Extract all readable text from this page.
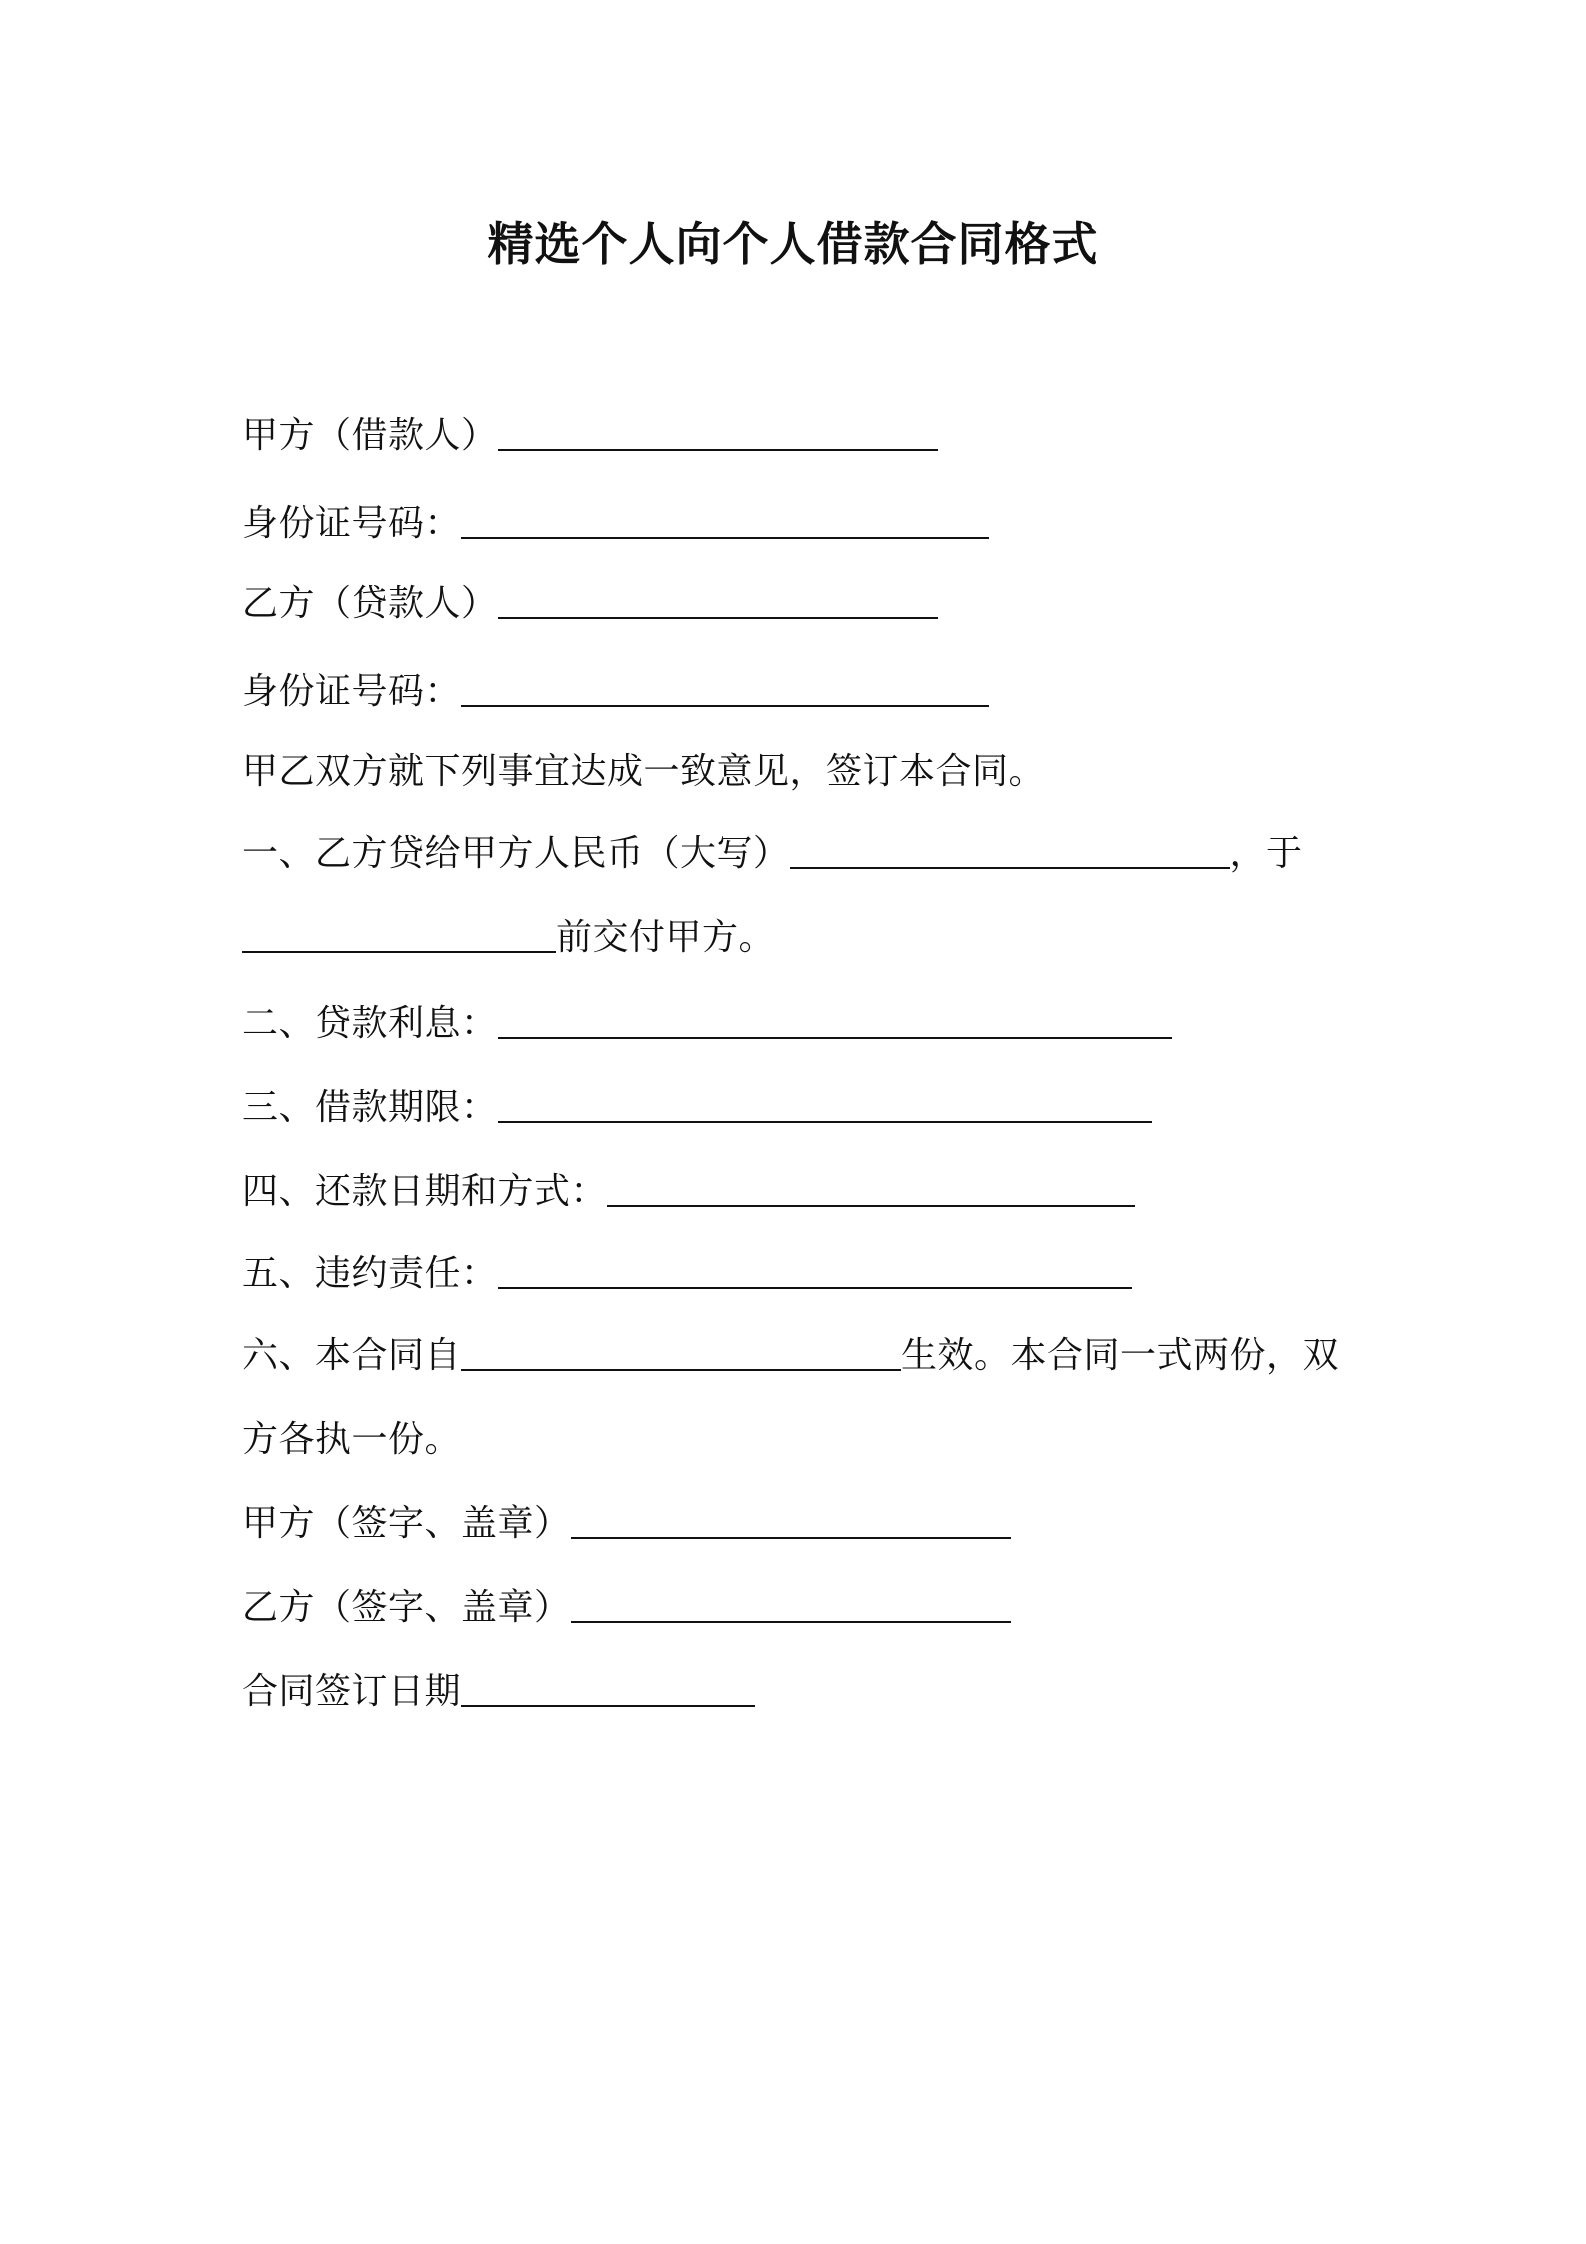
精选个人向个人借款合同格式
甲方（借款人）
身份证号码：
乙方（贷款人）
身份证号码：
甲乙双方就下列事宜达成一致意见，签订本合同。
一、乙方贷给甲方人民币（大写）	，于
前交付甲方。
二、贷款利息：
三、借款期限：
四、还款日期和方式：
五、违约责任：
六、本合同自	生效。本合同一式两份，双
方各执一份。
甲方（签字、盖章）
乙方（签字、盖章）
合同签订日期
